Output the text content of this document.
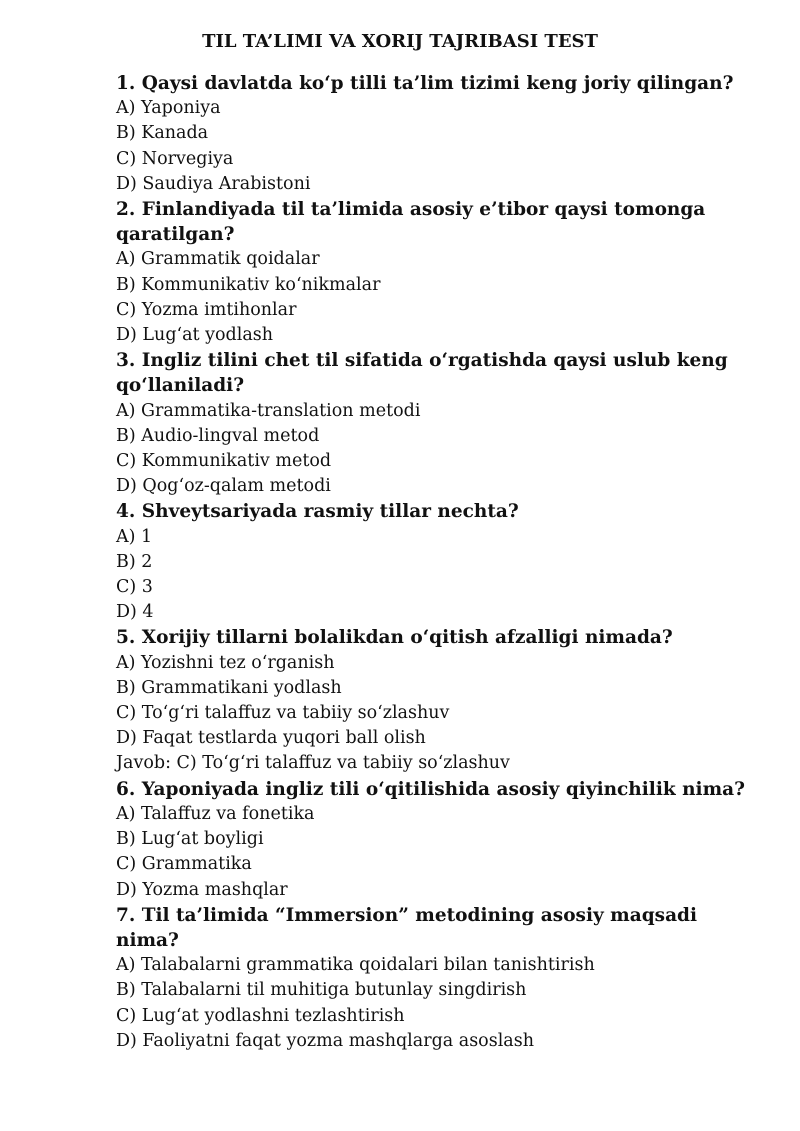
TIL TA’LIMI VA XORIJ TAJRIBASI TEST

1. Qaysi davlatda ko‘p tilli ta’lim tizimi keng joriy qilingan?

A) Yaponiya
B) Kanada
C) Norvegiya
D) Saudiya Arabistoni

2. Finlandiyada til ta’limida asosiy e’tibor qaysi tomonga qaratilgan?

A) Grammatik qoidalar
B) Kommunikativ ko‘nikmalar
C) Yozma imtihonlar
D) Lug‘at yodlash

3. Ingliz tilini chet til sifatida o‘rgatishda qaysi uslub keng qo‘llaniladi?

A) Grammatika-translation metodi
B) Audio-lingval metod
C) Kommunikativ metod
D) Qog‘oz-qalam metodi

4. Shveytsariyada rasmiy tillar nechta?

A) 1
B) 2
C) 3
D) 4

5. Xorijiy tillarni bolalikdan o‘qitish afzalligi nimada?

A) Yozishni tez o‘rganish
B) Grammatikani yodlash
C) To‘g‘ri talaffuz va tabiiy so‘zlashuv
D) Faqat testlarda yuqori ball olish

Javob: C) To‘g‘ri talaffuz va tabiiy so‘zlashuv

6. Yaponiyada ingliz tili o‘qitilishida asosiy qiyinchilik nima?

A) Talaffuz va fonetika
B) Lug‘at boyligi
C) Grammatika
D) Yozma mashqlar

7. Til ta’limida “Immersion” metodining asosiy maqsadi nima?

A) Talabalarni grammatika qoidalari bilan tanishtirish
B) Talabalarni til muhitiga butunlay singdirish
C) Lug‘at yodlashni tezlashtirish
D) Faoliyatni faqat yozma mashqlarga asoslash
